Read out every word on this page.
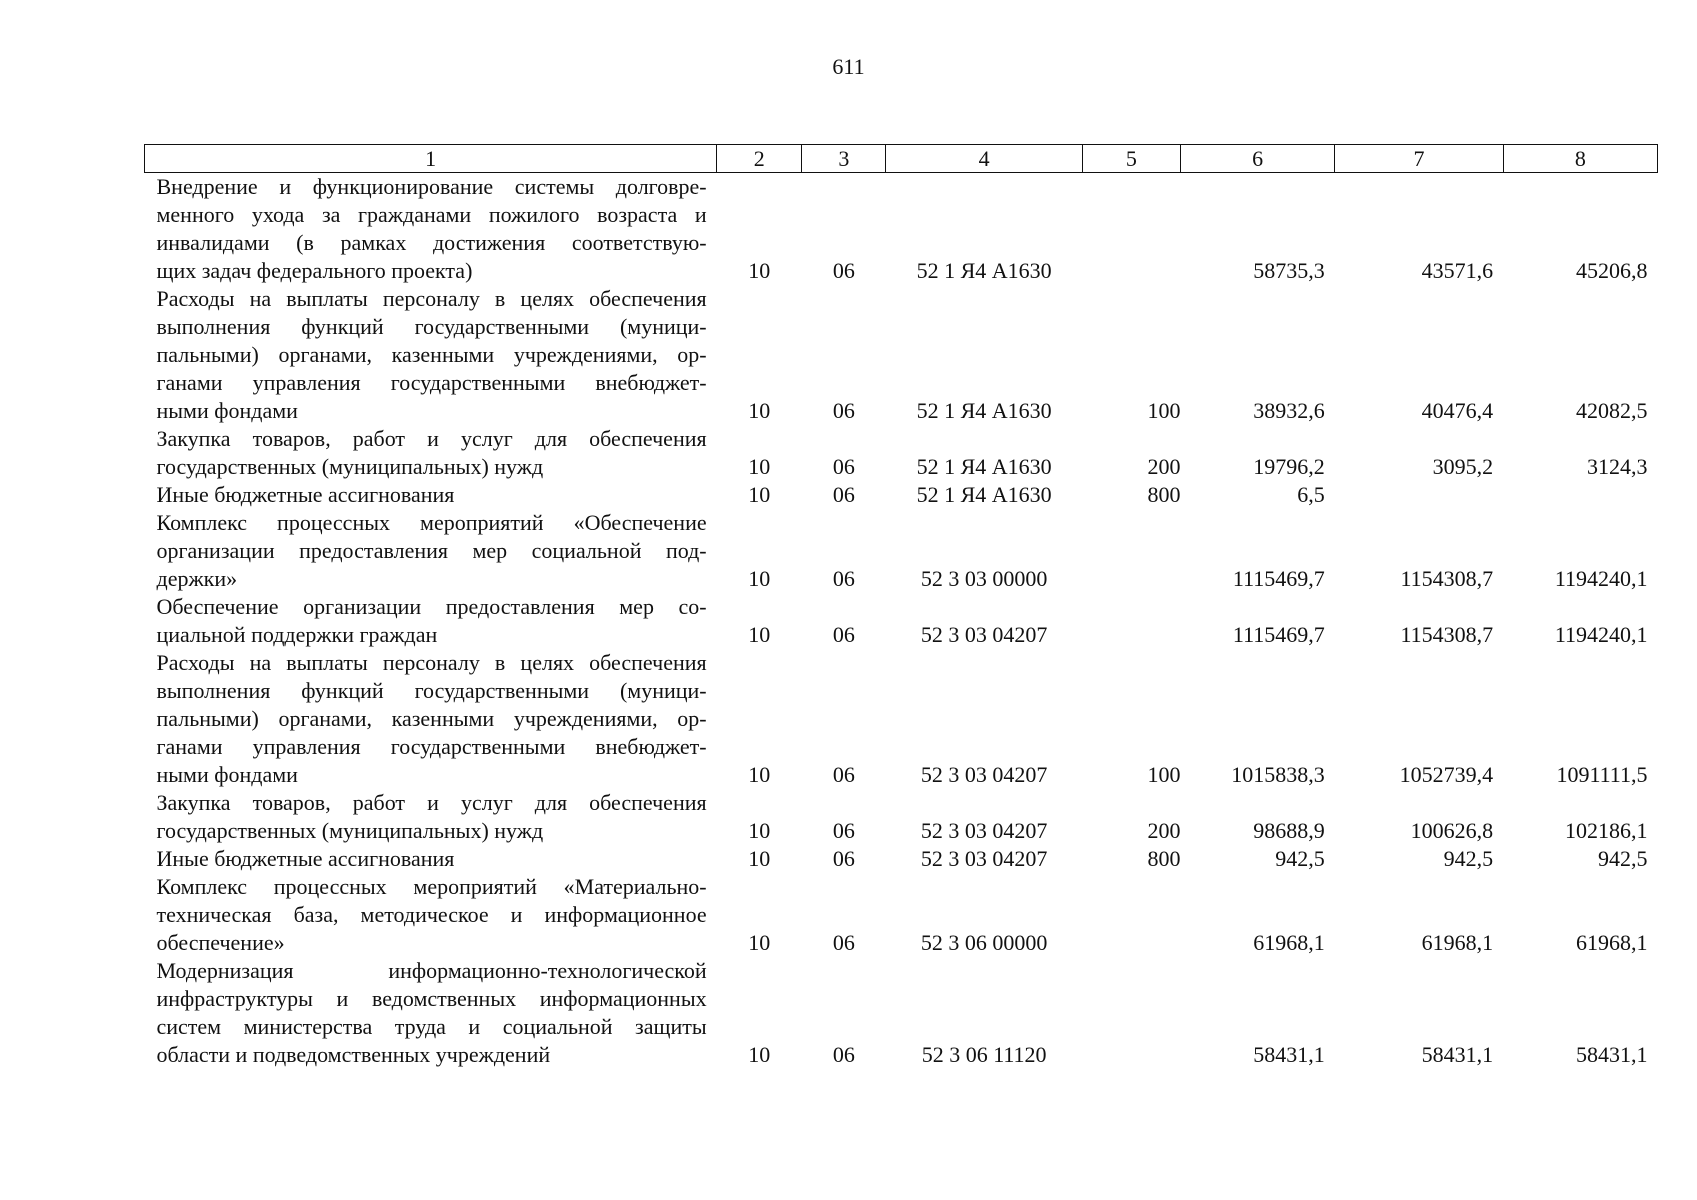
611
1	2	3	4	5	6	7	8

Внедрение и функционирование системы долговре-
менного ухода за гражданами пожилого возраста и
инвалидами (в рамках достижения соответствую-
щих задач федерального проекта)	10	06	52 1 Я4 А1630		58735,3	43571,6	45206,8

Расходы на выплаты персоналу в целях обеспечения
выполнения функций государственными (муници-
пальными) органами, казенными учреждениями, ор-
ганами управления государственными внебюджет-
ными фондами	10	06	52 1 Я4 А1630	100	38932,6	40476,4	42082,5

Закупка товаров, работ и услуг для обеспечения
государственных (муниципальных) нужд	10	06	52 1 Я4 А1630	200	19796,2	3095,2	3124,3

Иные бюджетные ассигнования	10	06	52 1 Я4 А1630	800	6,5		

Комплекс процессных мероприятий «Обеспечение
организации предоставления мер социальной под-
держки»	10	06	52 3 03 00000		1115469,7	1154308,7	1194240,1

Обеспечение организации предоставления мер со-
циальной поддержки граждан	10	06	52 3 03 04207		1115469,7	1154308,7	1194240,1

Расходы на выплаты персоналу в целях обеспечения
выполнения функций государственными (муници-
пальными) органами, казенными учреждениями, ор-
ганами управления государственными внебюджет-
ными фондами	10	06	52 3 03 04207	100	1015838,3	1052739,4	1091111,5

Закупка товаров, работ и услуг для обеспечения
государственных (муниципальных) нужд	10	06	52 3 03 04207	200	98688,9	100626,8	102186,1

Иные бюджетные ассигнования	10	06	52 3 03 04207	800	942,5	942,5	942,5

Комплекс процессных мероприятий «Материально-
техническая база, методическое и информационное
обеспечение»	10	06	52 3 06 00000		61968,1	61968,1	61968,1

Модернизация информационно-технологической
инфраструктуры и ведомственных информационных
систем министерства труда и социальной защиты
области и подведомственных учреждений	10	06	52 3 06 11120		58431,1	58431,1	58431,1
